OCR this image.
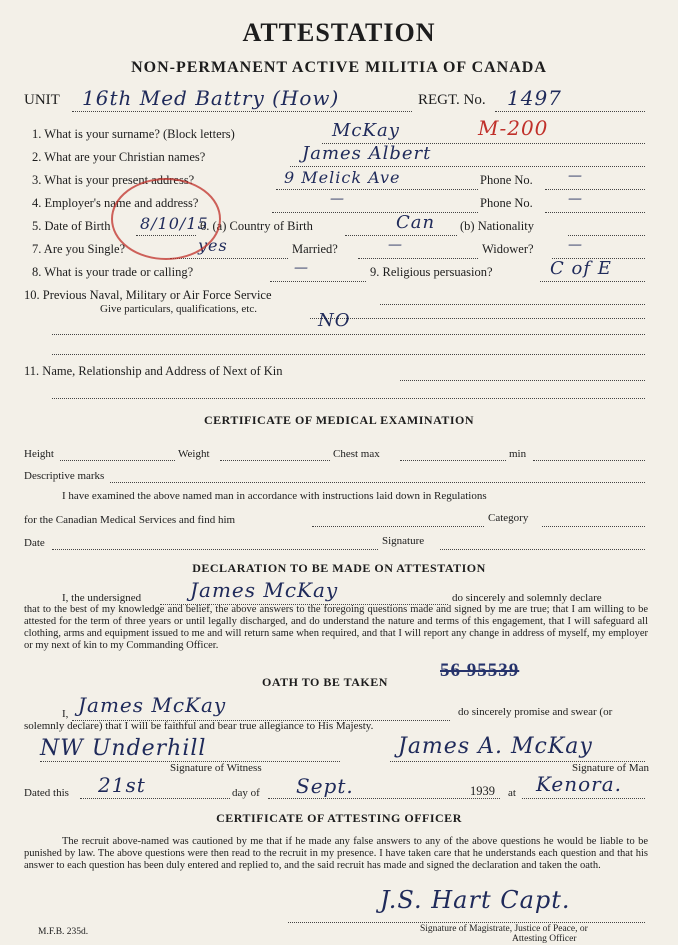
ATTESTATION
NON-PERMANENT ACTIVE MILITIA OF CANADA
UNIT 16th Med Battry (How)	REGT. No. 1497
1. What is your surname? (Block letters)	McKay	M-200
2. What are your Christian names?	James Albert
3. What is your present address?	9 Melick Ave	Phone No.	—
4. Employer's name and address?	—	Phone No.	—
5. Date of Birth 8/10/15
6. (a) Country of Birth	Can (b) Nationality
7. Are you Single?	yes	Married?	—	Widower? —
8. What is your trade or calling?	—	9. Religious persuasion?	C of E
10. Previous Naval, Military or Air Force Service
Give particulars, qualifications, etc.
NO
11. Name, Relationship and Address of Next of Kin
CERTIFICATE OF MEDICAL EXAMINATION
Height	Weight	Chest max	min
Descriptive marks
I have examined the above named man in accordance with instructions laid down in Regulations
for the Canadian Medical Services and find him	Category
Date	Signature
DECLARATION TO BE MADE ON ATTESTATION
I, the undersigned James McKay	do sincerely and solemnly declare
that to the best of my knowledge and belief, the above answers to the foregoing questions made and signed by me are true; that I am willing to be attested for the term of three years or until legally discharged, and do understand the nature and terms of this engagement, that I will safeguard all clothing, arms and equipment issued to me and will return same when required, and that I will report any change in address of myself, my employer or my next of kin to my Commanding Officer.
56 95539
OATH TO BE TAKEN
I, James McKay	do sincerely promise and swear (or
solemnly declare) that I will be faithful and bear true allegiance to His Majesty.
NW Underhill
Signature of Witness
James A. McKay
Signature of Man
Dated this 21st	day of Sept.	1939 at Kenora.
CERTIFICATE OF ATTESTING OFFICER
The recruit above-named was cautioned by me that if he made any false answers to any of the above questions he would be liable to be punished by law. The above questions were then read to the recruit in my presence. I have taken care that he understands each question and that his answer to each question has been duly entered and replied to, and the said recruit has made and signed the declaration and taken the oath.
J.S. Hart Capt.
Signature of Magistrate, Justice of Peace, or
Attesting Officer
M.F.B. 235d.
